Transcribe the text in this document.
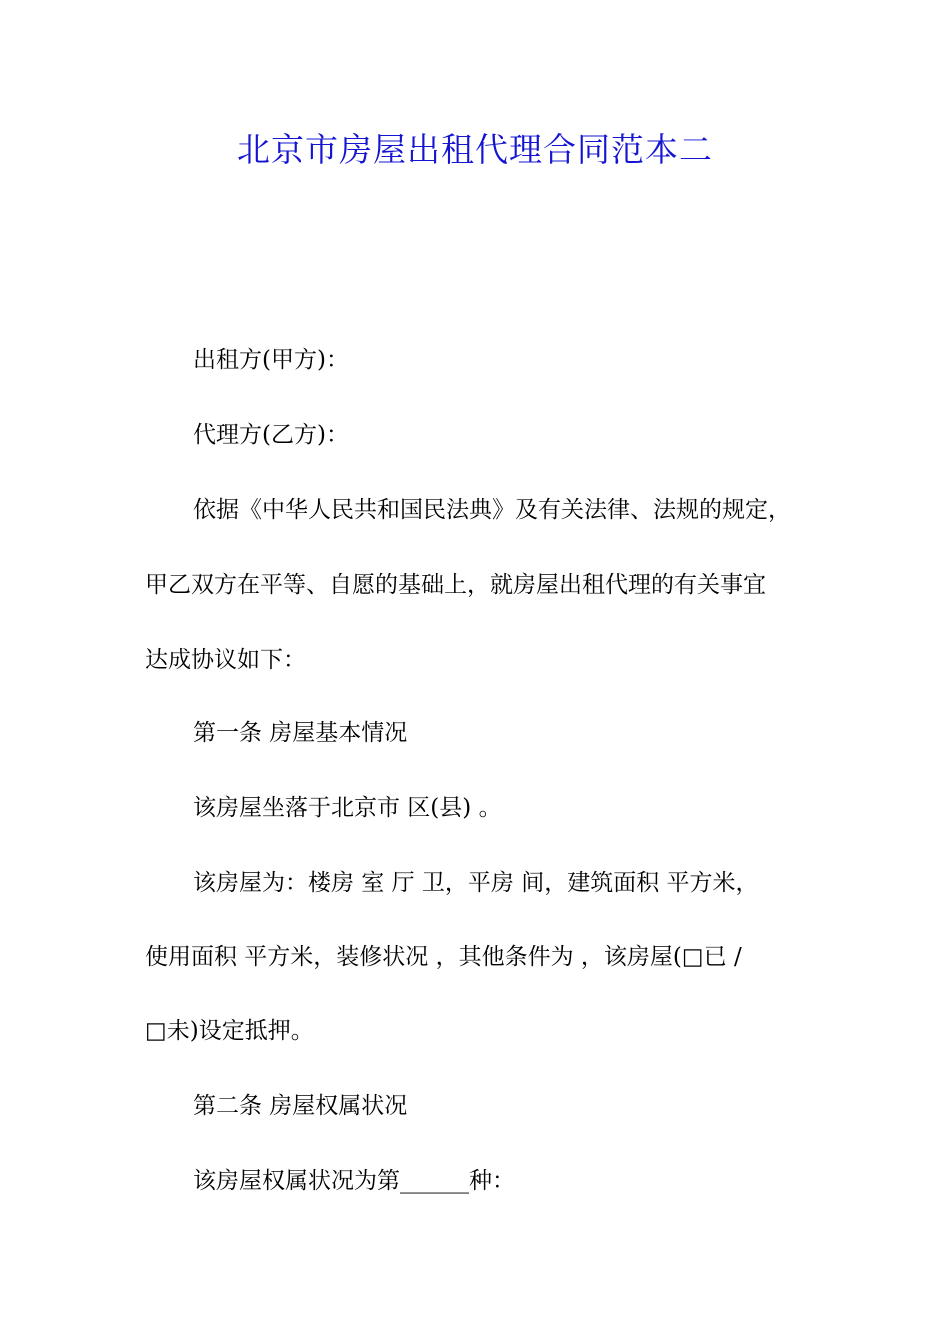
北京市房屋出租代理合同范本二
出租方(甲方)：
代理方(乙方)：
依据《中华人民共和国民法典》及有关法律、法规的规定，
甲乙双方在平等、自愿的基础上，就房屋出租代理的有关事宜
达成协议如下：
第一条 房屋基本情况
该房屋坐落于北京市 区(县) 。
该房屋为：楼房 室 厅 卫，平房 间，建筑面积 平方米，
使用面积 平方米，装修状况 ，其他条件为 ，该房屋(□已 /
□未)设定抵押。
第二条 房屋权属状况
该房屋权属状况为第______种：
